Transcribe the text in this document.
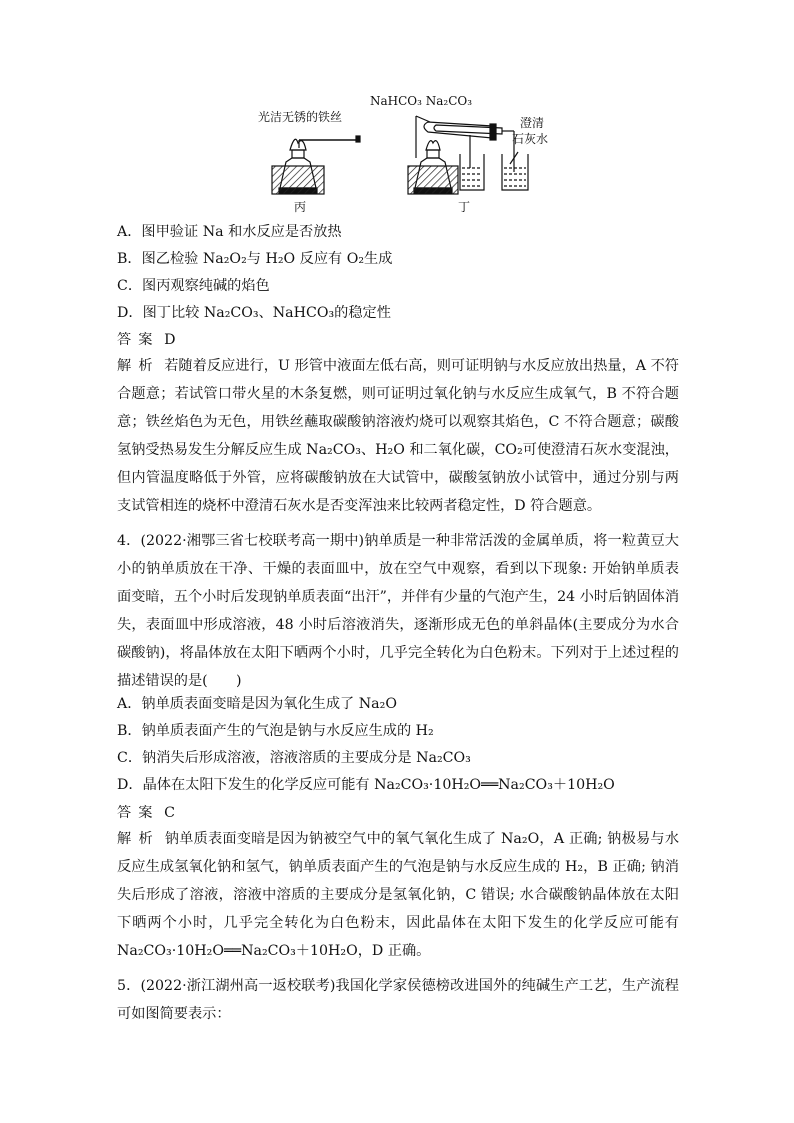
光洁无锈的铁丝
NaHCO₃ Na₂CO₃
澄清
石灰水
丙	丁
A．图甲验证 Na 和水反应是否放热
B．图乙检验 Na₂O₂与 H₂O 反应有 O₂生成
C．图丙观察纯碱的焰色
D．图丁比较 Na₂CO₃、NaHCO₃的稳定性
答案 D
解析 若随着反应进行，U 形管中液面左低右高，则可证明钠与水反应放出热量，A 不符合题意；若试管口带火星的木条复燃，则可证明过氧化钠与水反应生成氧气，B 不符合题意；铁丝焰色为无色，用铁丝蘸取碳酸钠溶液灼烧可以观察其焰色，C 不符合题意；碳酸氢钠受热易发生分解反应生成 Na₂CO₃、H₂O 和二氧化碳，CO₂可使澄清石灰水变混浊，但内管温度略低于外管，应将碳酸钠放在大试管中，碳酸氢钠放小试管中，通过分别与两支试管相连的烧杯中澄清石灰水是否变浑浊来比较两者稳定性，D 符合题意。
4．(2022·湘鄂三省七校联考高一期中)钠单质是一种非常活泼的金属单质，将一粒黄豆大小的钠单质放在干净、干燥的表面皿中，放在空气中观察，看到以下现象: 开始钠单质表面变暗，五个小时后发现钠单质表面“出汗”，并伴有少量的气泡产生，24 小时后钠固体消失，表面皿中形成溶液，48 小时后溶液消失，逐渐形成无色的单斜晶体(主要成分为水合碳酸钠)，将晶体放在太阳下晒两个小时，几乎完全转化为白色粉末。下列对于上述过程的描述错误的是(　　)
A．钠单质表面变暗是因为氧化生成了 Na₂O
B．钠单质表面产生的气泡是钠与水反应生成的 H₂
C．钠消失后形成溶液，溶液溶质的主要成分是 Na₂CO₃
D．晶体在太阳下发生的化学反应可能有 Na₂CO₃·10H₂O══Na₂CO₃＋10H₂O
答案 C
解析 钠单质表面变暗是因为钠被空气中的氧气氧化生成了 Na₂O，A 正确; 钠极易与水反应生成氢氧化钠和氢气，钠单质表面产生的气泡是钠与水反应生成的 H₂，B 正确; 钠消失后形成了溶液，溶液中溶质的主要成分是氢氧化钠，C 错误; 水合碳酸钠晶体放在太阳下晒两个小时，几乎完全转化为白色粉末，因此晶体在太阳下发生的化学反应可能有 Na₂CO₃·10H₂O══Na₂CO₃＋10H₂O，D 正确。
5．(2022·浙江湖州高一返校联考)我国化学家侯德榜改进国外的纯碱生产工艺，生产流程可如图简要表示：
